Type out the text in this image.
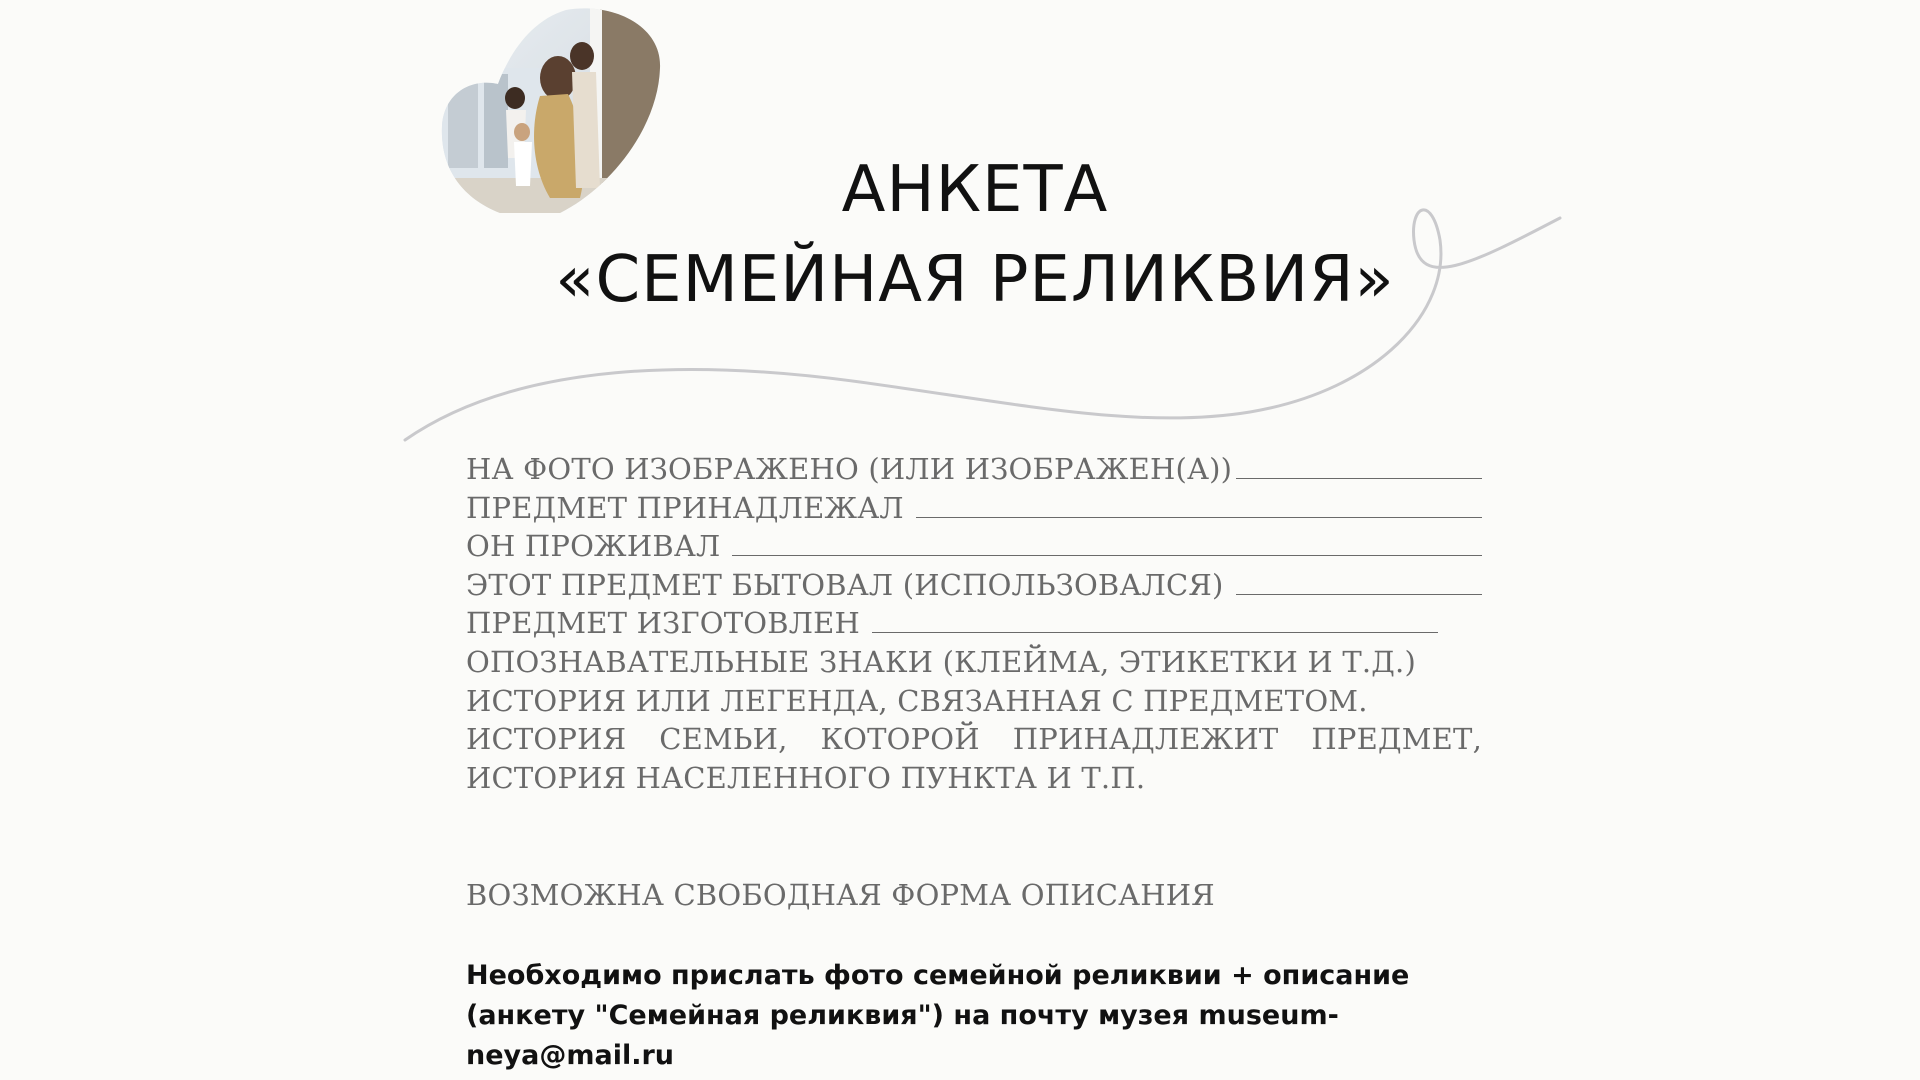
АНКЕТА
«СЕМЕЙНАЯ РЕЛИКВИЯ»
НА ФОТО ИЗОБРАЖЕНО (ИЛИ ИЗОБРАЖЕН(А))
ПРЕДМЕТ ПРИНАДЛЕЖАЛ
ОН ПРОЖИВАЛ
ЭТОТ ПРЕДМЕТ БЫТОВАЛ (ИСПОЛЬЗОВАЛСЯ)
ПРЕДМЕТ ИЗГОТОВЛЕН
ОПОЗНАВАТЕЛЬНЫЕ ЗНАКИ (КЛЕЙМА, ЭТИКЕТКИ И Т.Д.)
ИСТОРИЯ ИЛИ ЛЕГЕНДА, СВЯЗАННАЯ С ПРЕДМЕТОМ.
ИСТОРИЯ СЕМЬИ, КОТОРОЙ ПРИНАДЛЕЖИТ ПРЕДМЕТ, ИСТОРИЯ НАСЕЛЕННОГО ПУНКТА И Т.П.
ВОЗМОЖНА СВОБОДНАЯ ФОРМА ОПИСАНИЯ
Необходимо прислать фото семейной реликвии + описание (анкету "Семейная реликвия") на почту музея museum-neya@mail.ru
